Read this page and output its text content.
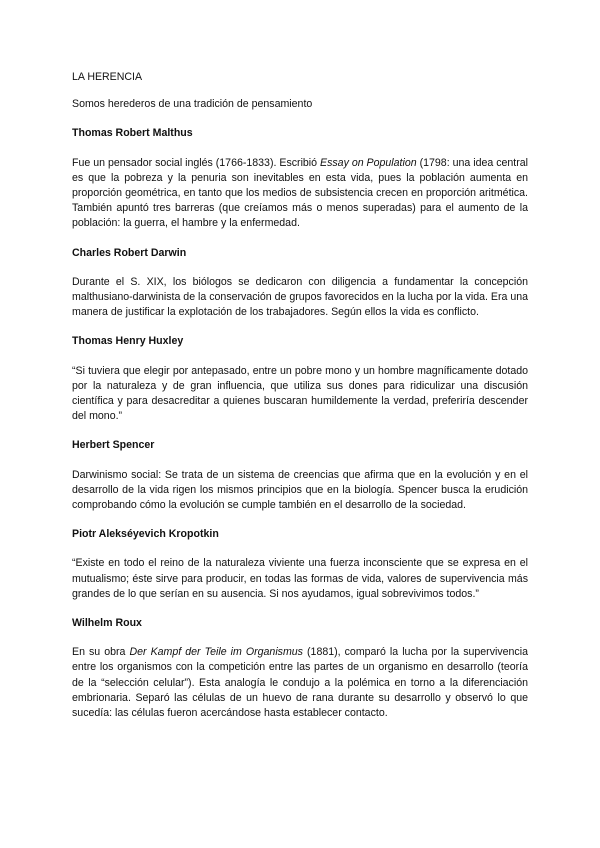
LA HERENCIA
Somos herederos de una tradición de pensamiento
Thomas Robert Malthus

Fue un pensador social inglés (1766-1833). Escribió Essay on Population (1798: una idea central es que la pobreza y la penuria son inevitables en esta vida, pues la población aumenta en proporción geométrica, en tanto que los medios de subsistencia crecen en proporción aritmética. También apuntó tres barreras (que creíamos más o menos superadas) para el aumento de la población: la guerra, el hambre y la enfermedad.

Charles Robert Darwin

Durante el S. XIX, los biólogos se dedicaron con diligencia a fundamentar la concepción malthusiano-darwinista de la conservación de grupos favorecidos en la lucha por la vida. Era una manera de justificar la explotación de los trabajadores. Según ellos la vida es conflicto.

Thomas Henry Huxley

“Si tuviera que elegir por antepasado, entre un pobre mono y un hombre magníficamente dotado por la naturaleza y de gran influencia, que utiliza sus dones para ridiculizar una discusión científica y para desacreditar a quienes buscaran humildemente la verdad, preferiría descender del mono.”

Herbert Spencer

Darwinismo social: Se trata de un sistema de creencias que afirma que en la evolución y en el desarrollo de la vida rigen los mismos principios que en la biología. Spencer busca la erudición comprobando cómo la evolución se cumple también en el desarrollo de la sociedad.

Piotr Alekséyevich Kropotkin

“Existe en todo el reino de la naturaleza viviente una fuerza inconsciente que se expresa en el mutualismo; éste sirve para producir, en todas las formas de vida, valores de supervivencia más grandes de lo que serían en su ausencia. Si nos ayudamos, igual sobrevivimos todos.”

Wilhelm Roux

En su obra Der Kampf der Teile im Organismus (1881), comparó la lucha por la supervivencia entre los organismos con la competición entre las partes de un organismo en desarrollo (teoría de la “selección celular”). Esta analogía le condujo a la polémica en torno a la diferenciación embrionaria. Separó las células de un huevo de rana durante su desarrollo y observó lo que sucedía: las células fueron acercándose hasta establecer contacto.
